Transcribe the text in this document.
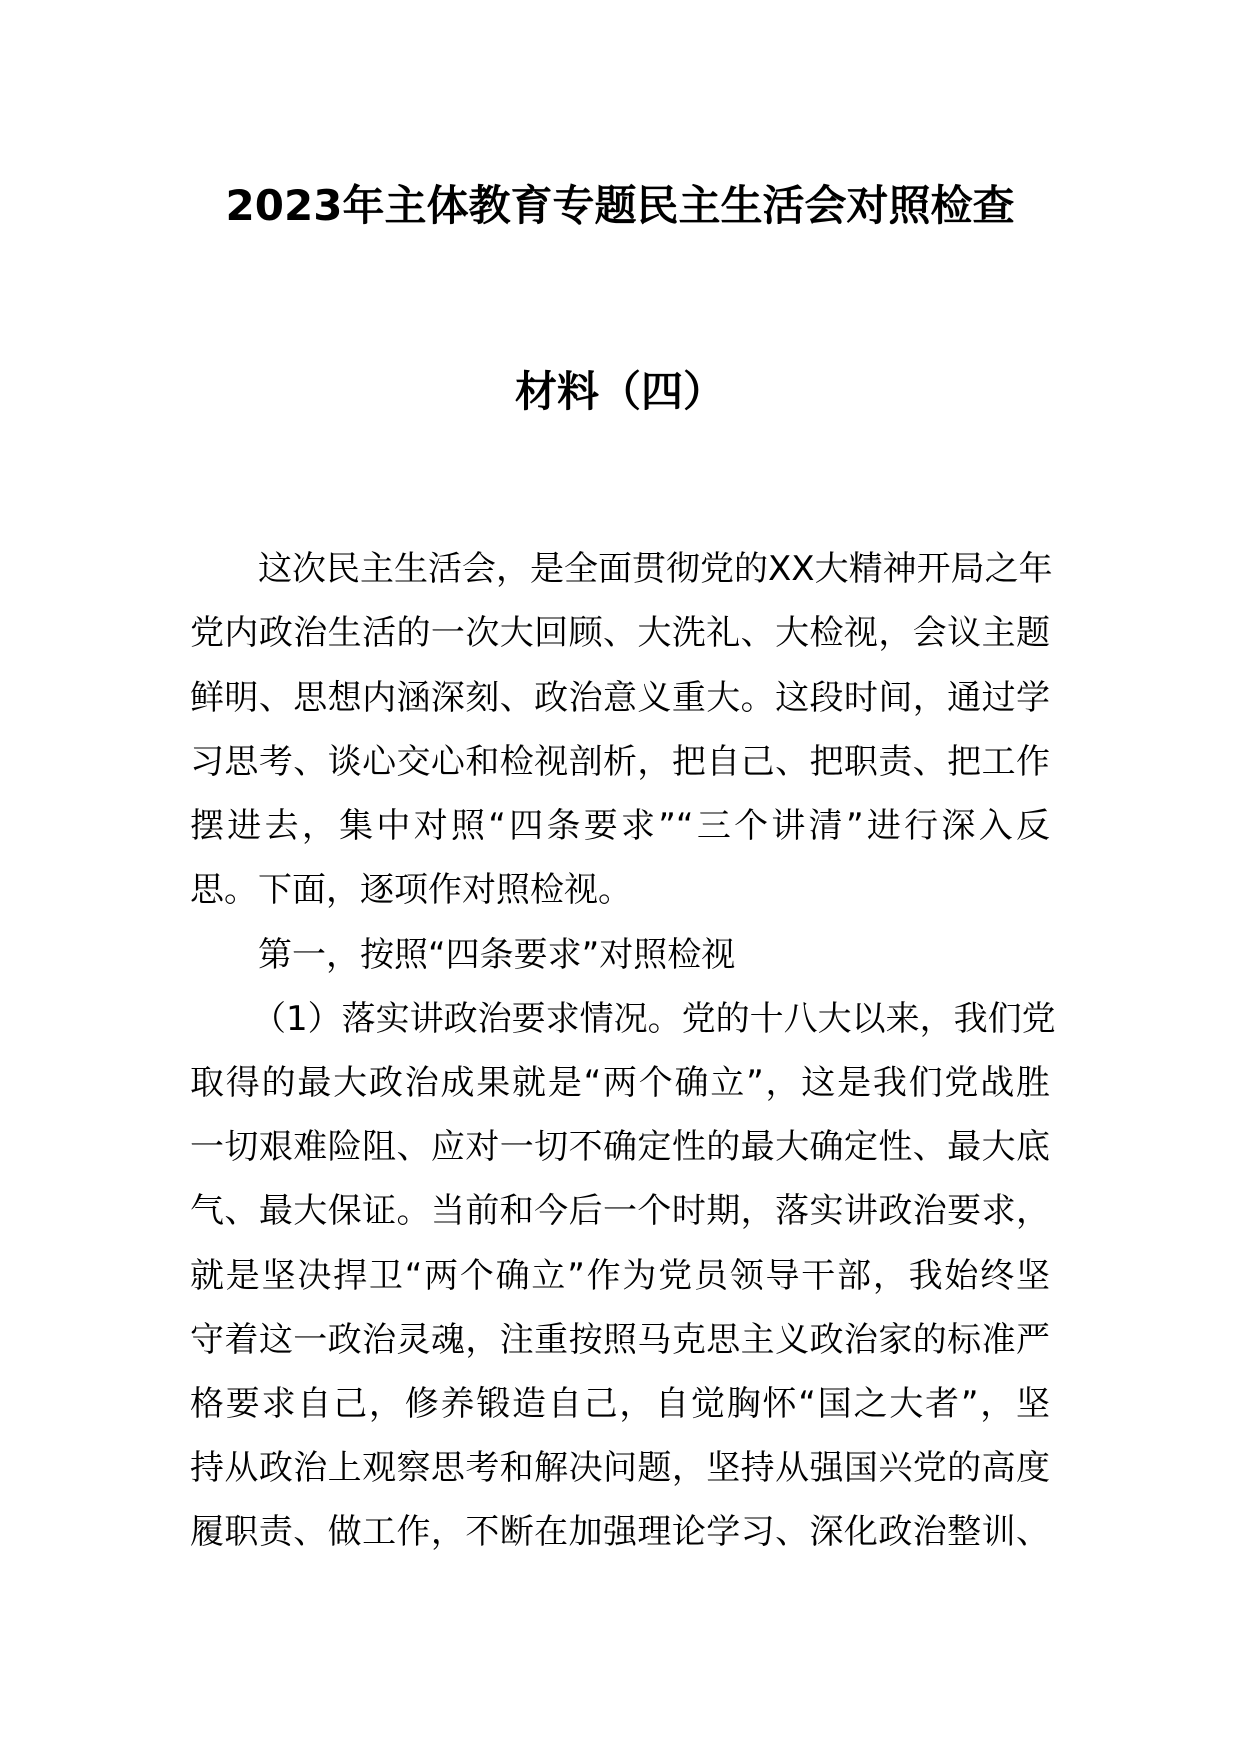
2023年主体教育专题民主生活会对照检查
材料（四）
这次民主生活会，是全面贯彻党的XX大精神开局之年
党内政治生活的一次大回顾、大洗礼、大检视，会议主题
鲜明、思想内涵深刻、政治意义重大。这段时间，通过学
习思考、谈心交心和检视剖析，把自己、把职责、把工作
摆进去，集中对照“四条要求”“三个讲清”进行深入反
思。下面，逐项作对照检视。
第一，按照“四条要求”对照检视
（1）落实讲政治要求情况。党的十八大以来，我们党
取得的最大政治成果就是“两个确立”，这是我们党战胜
一切艰难险阻、应对一切不确定性的最大确定性、最大底
气、最大保证。当前和今后一个时期，落实讲政治要求，
就是坚决捍卫“两个确立”作为党员领导干部，我始终坚
守着这一政治灵魂，注重按照马克思主义政治家的标准严
格要求自己，修养锻造自己，自觉胸怀“国之大者”，坚
持从政治上观察思考和解决问题，坚持从强国兴党的高度
履职责、做工作，不断在加强理论学习、深化政治整训、
